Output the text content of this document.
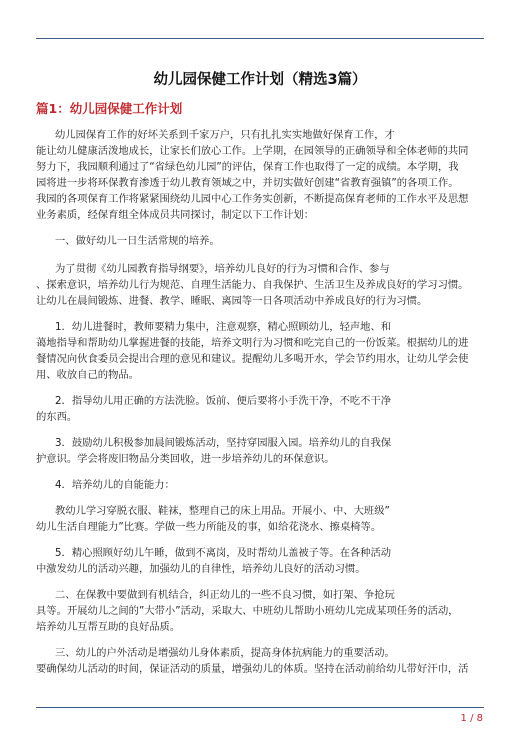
幼儿园保健工作计划（精选3篇）
篇1：幼儿园保健工作计划
幼儿园保育工作的好坏关系到千家万户，只有扎扎实实地做好保育工作，才
能让幼儿健康活泼地成长，让家长们放心工作。上学期，在园领导的正确领导和全体老师的共同
努力下，我园顺利通过了“省绿色幼儿园”的评估，保育工作也取得了一定的成绩。本学期，我
园将进一步将环保教育渗透于幼儿教育领域之中，并切实做好创建“省教育强镇”的各项工作。
我园的各项保育工作将紧紧围绕幼儿园中心工作务实创新，不断提高保育老师的工作水平及思想
业务素质，经保育组全体成员共同探讨，制定以下工作计划：
一、做好幼儿一日生活常规的培养。
为了贯彻《幼儿园教育指导纲要》，培养幼儿良好的行为习惯和合作、参与
、探索意识，培养幼儿行为规范、自理生活能力、自我保护、生活卫生及养成良好的学习习惯。
让幼儿在晨间锻炼、进餐、教学、睡眠、离园等一日各项活动中养成良好的行为习惯。
1．幼儿进餐时，教师要精力集中，注意观察，精心照顾幼儿，轻声地、和
蔼地指导和帮助幼儿掌握进餐的技能，培养文明行为习惯和吃完自己的一份饭菜。根据幼儿的进
餐情况向伙食委员会提出合理的意见和建议。提醒幼儿多喝开水，学会节约用水，让幼儿学会使
用、收放自己的物品。
2．指导幼儿用正确的方法洗脸。饭前、便后要将小手洗干净，不吃不干净
的东西。
3．鼓励幼儿积极参加晨间锻炼活动，坚持穿园服入园。培养幼儿的自我保
护意识。学会将废旧物品分类回收，进一步培养幼儿的环保意识。
4．培养幼儿的自能能力：
教幼儿学习穿脱衣服、鞋袜，整理自己的床上用品。开展小、中、大班级”
幼儿生活自理能力”比赛。学做一些力所能及的事，如给花浇水、擦桌椅等。
5．精心照顾好幼儿午睡，做到不离岗，及时帮幼儿盖被子等。在各种活动
中激发幼儿的活动兴趣，加强幼儿的自律性，培养幼儿良好的活动习惯。
二、在保教中要做到有机结合，纠正幼儿的一些不良习惯，如打架、争抢玩
具等。开展幼儿之间的”大带小”活动，采取大、中班幼儿帮助小班幼儿完成某项任务的活动，
培养幼儿互帮互助的良好品质。
三、幼儿的户外活动是增强幼儿身体素质，提高身体抗病能力的重要活动。
要确保幼儿活动的时间，保证活动的质量，增强幼儿的体质。坚持在活动前给幼儿带好汗巾，活
1 / 8
